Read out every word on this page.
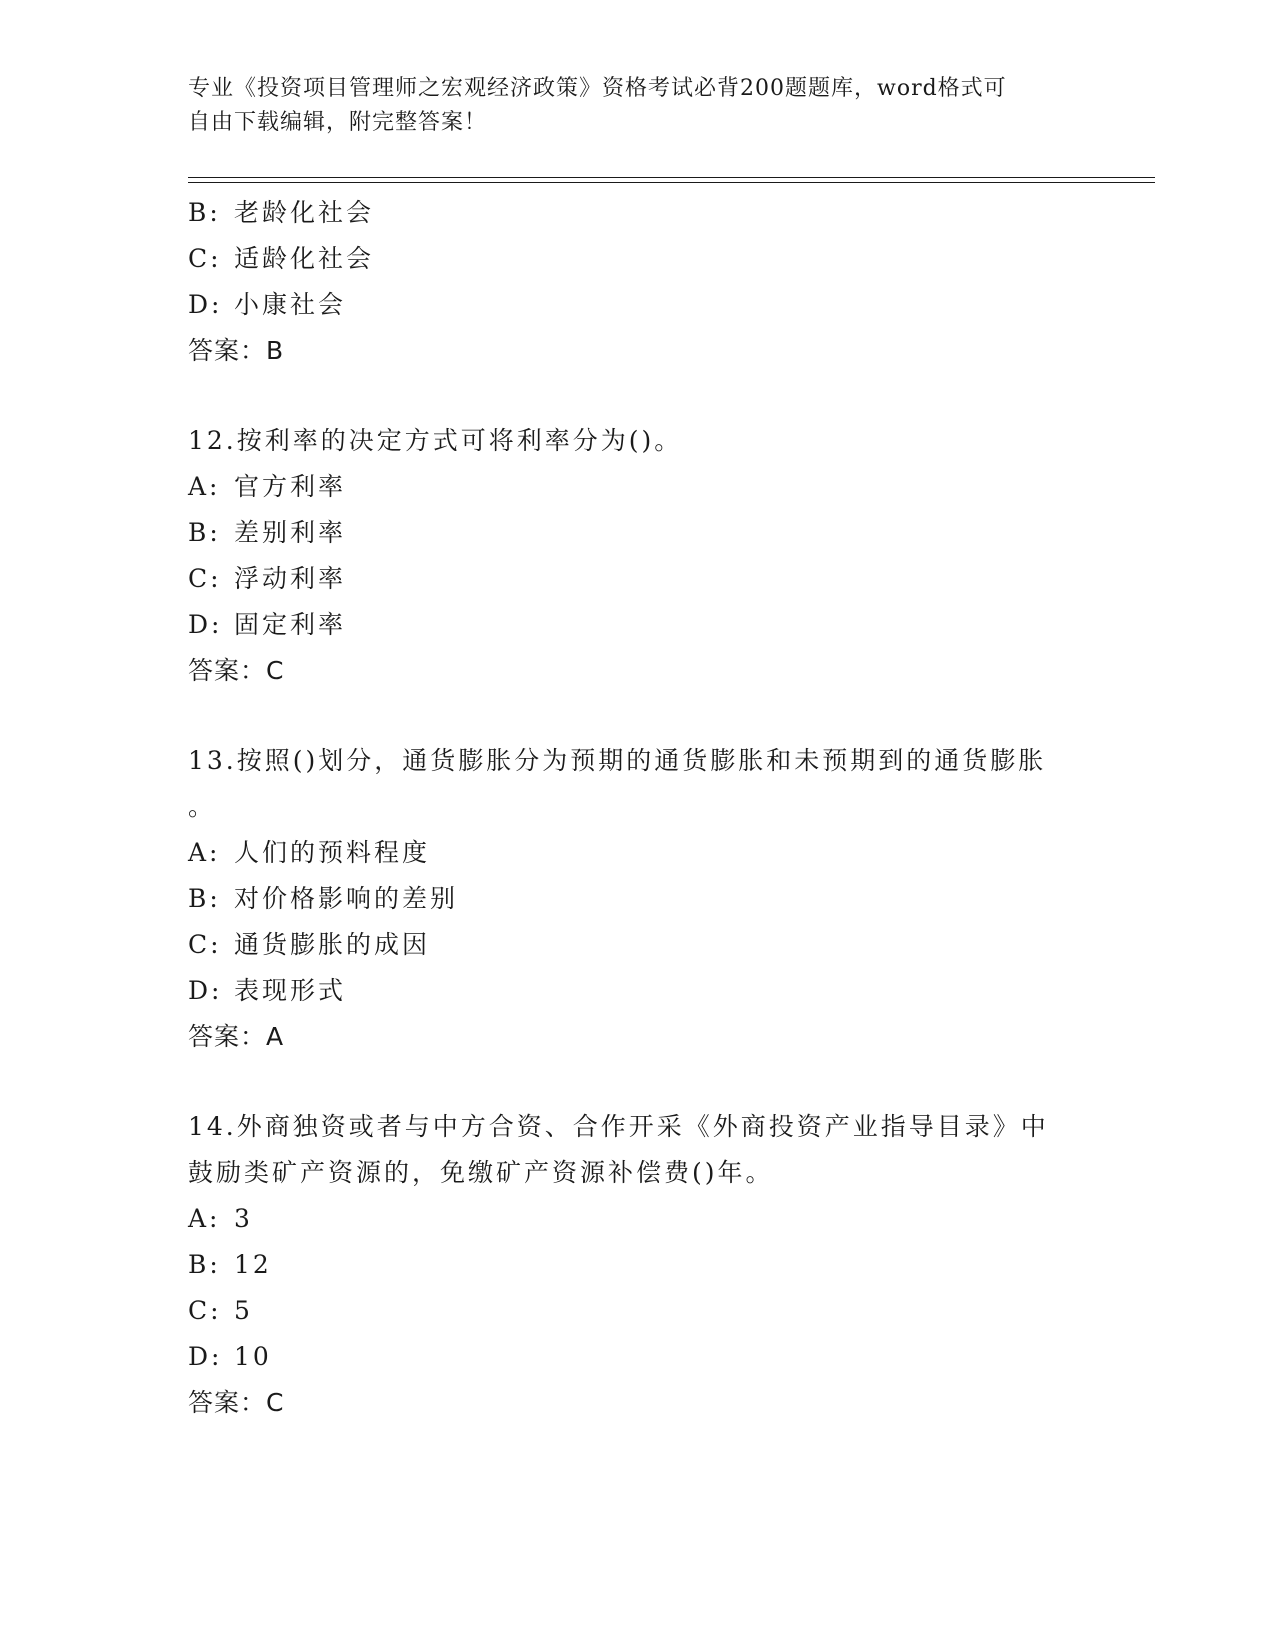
专业《投资项目管理师之宏观经济政策》资格考试必背200题题库，word格式可
自由下载编辑，附完整答案！
B: 老龄化社会
C: 适龄化社会
D: 小康社会
答案：B
12.按利率的决定方式可将利率分为()。
A: 官方利率
B: 差别利率
C: 浮动利率
D: 固定利率
答案：C
13.按照()划分，通货膨胀分为预期的通货膨胀和未预期到的通货膨胀
。
A: 人们的预料程度
B: 对价格影响的差别
C: 通货膨胀的成因
D: 表现形式
答案：A
14.外商独资或者与中方合资、合作开采《外商投资产业指导目录》中
鼓励类矿产资源的，免缴矿产资源补偿费()年。
A: 3
B: 12
C: 5
D: 10
答案：C
